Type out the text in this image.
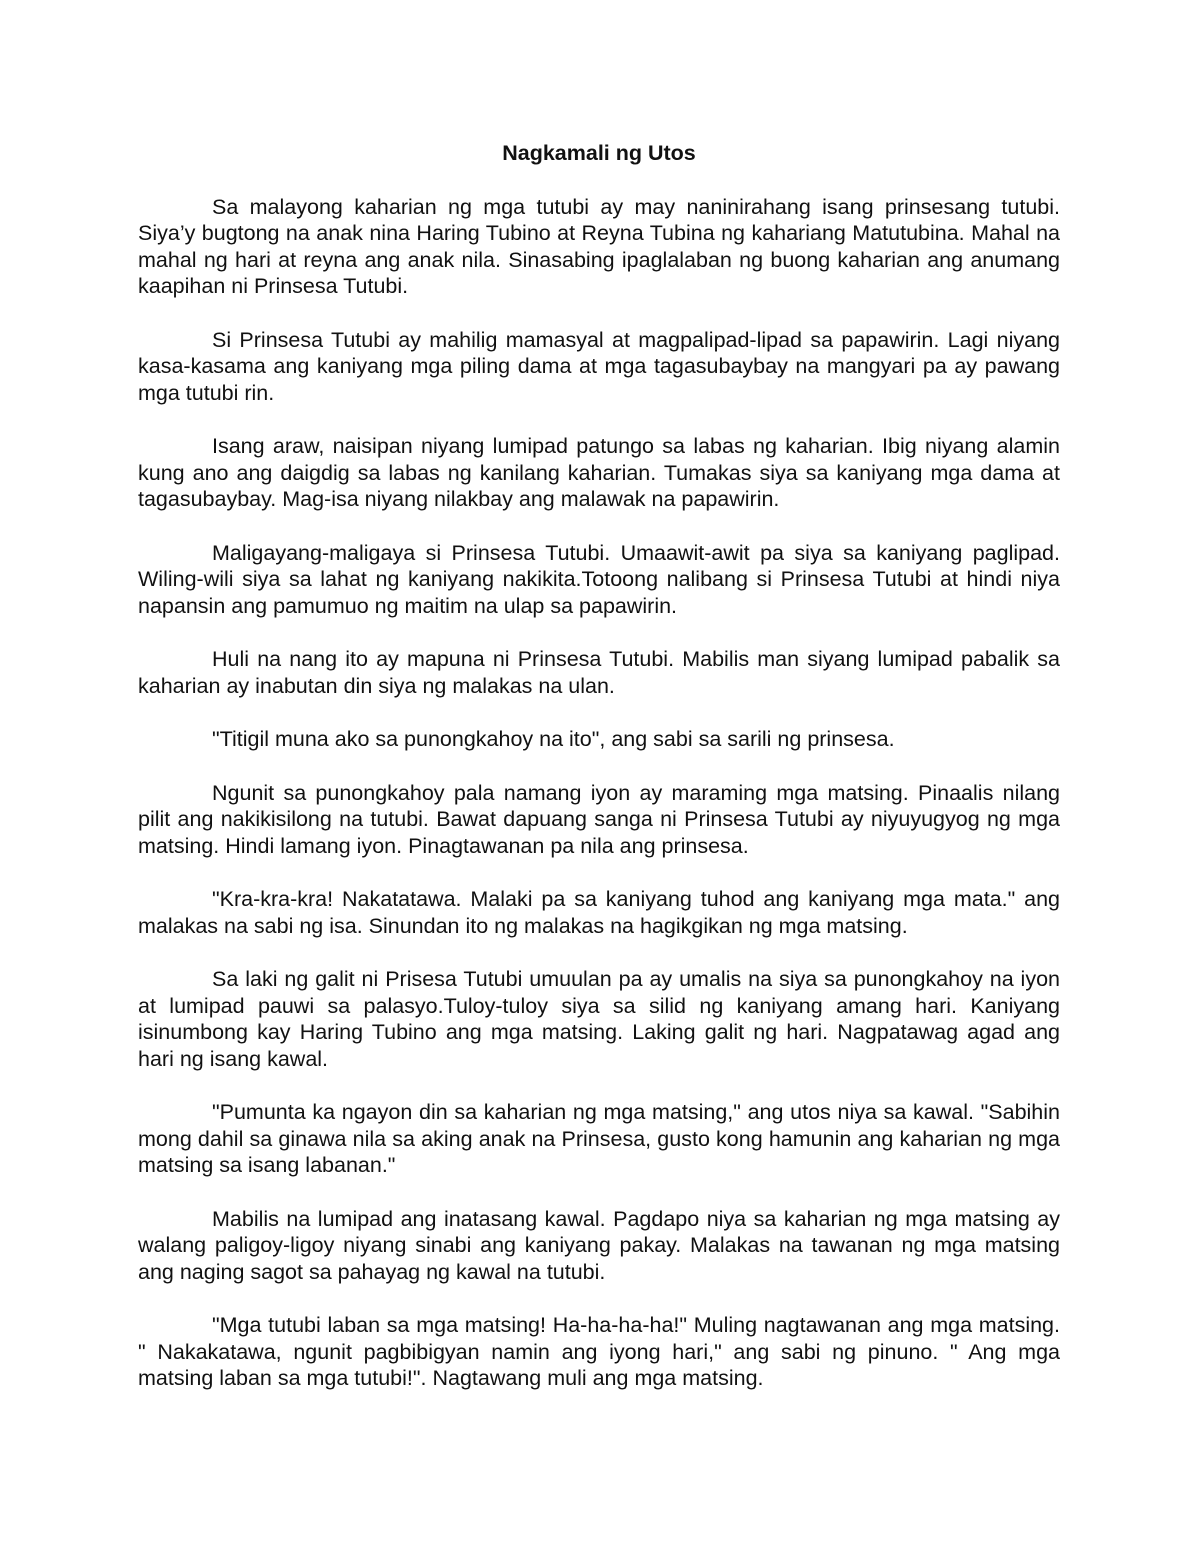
Nagkamali ng Utos

Sa malayong kaharian ng mga tutubi ay may naninirahang isang prinsesang tutubi. Siya’y bugtong na anak nina Haring Tubino at Reyna Tubina ng kahariang Matutubina. Mahal na mahal ng hari at reyna ang anak nila. Sinasabing ipaglalaban ng buong kaharian ang anumang kaapihan ni Prinsesa Tutubi.

Si Prinsesa Tutubi ay mahilig mamasyal at magpalipad-lipad sa papawirin. Lagi niyang kasa-kasama ang kaniyang mga piling dama at mga tagasubaybay na mangyari pa ay pawang mga tutubi rin.

Isang araw, naisipan niyang lumipad patungo sa labas ng kaharian. Ibig niyang alamin kung ano ang daigdig sa labas ng kanilang kaharian. Tumakas siya sa kaniyang mga dama at tagasubaybay. Mag-isa niyang nilakbay ang malawak na papawirin.

Maligayang-maligaya si Prinsesa Tutubi. Umaawit-awit pa siya sa kaniyang paglipad. Wiling-wili siya sa lahat ng kaniyang nakikita.Totoong nalibang si Prinsesa Tutubi at hindi niya napansin ang pamumuo ng maitim na ulap sa papawirin.

Huli na nang ito ay mapuna ni Prinsesa Tutubi. Mabilis man siyang lumipad pabalik sa kaharian ay inabutan din siya ng malakas na ulan.

"Titigil muna ako sa punongkahoy na ito", ang sabi sa sarili ng prinsesa.

Ngunit sa punongkahoy pala namang iyon ay maraming mga matsing. Pinaalis nilang pilit ang nakikisilong na tutubi. Bawat dapuang sanga ni Prinsesa Tutubi ay niyuyugyog ng mga matsing. Hindi lamang iyon. Pinagtawanan pa nila ang prinsesa.

"Kra-kra-kra! Nakatatawa. Malaki pa sa kaniyang tuhod ang kaniyang mga mata." ang malakas na sabi ng isa. Sinundan ito ng malakas na hagikgikan ng mga matsing.

Sa laki ng galit ni Prisesa Tutubi umuulan pa ay umalis na siya sa punongkahoy na iyon at lumipad pauwi sa palasyo.Tuloy-tuloy siya sa silid ng kaniyang amang hari. Kaniyang isinumbong kay Haring Tubino ang mga matsing. Laking galit ng hari. Nagpatawag agad ang hari ng isang kawal.

"Pumunta ka ngayon din sa kaharian ng mga matsing," ang utos niya sa kawal. "Sabihin mong dahil sa ginawa nila sa aking anak na Prinsesa, gusto kong hamunin ang kaharian ng mga matsing sa isang labanan."

Mabilis na lumipad ang inatasang kawal. Pagdapo niya sa kaharian ng mga matsing ay walang paligoy-ligoy niyang sinabi ang kaniyang pakay. Malakas na tawanan ng mga matsing ang naging sagot sa pahayag ng kawal na tutubi.

"Mga tutubi laban sa mga matsing! Ha-ha-ha-ha!" Muling nagtawanan ang mga matsing. " Nakakatawa, ngunit pagbibigyan namin ang iyong hari," ang sabi ng pinuno. " Ang mga matsing laban sa mga tutubi!". Nagtawang muli ang mga matsing.
